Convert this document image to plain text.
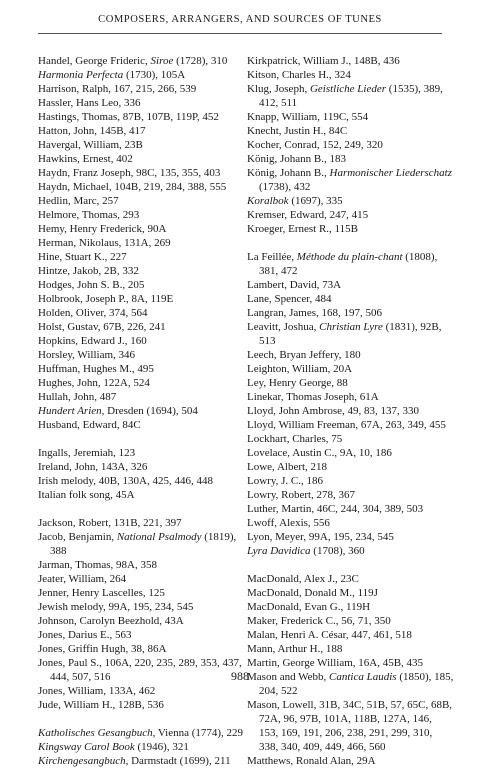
COMPOSERS, ARRANGERS, AND SOURCES OF TUNES
Handel, George Frideric, Siroe (1728), 310
Harmonia Perfecta (1730), 105A
Harrison, Ralph, 167, 215, 266, 539
Hassler, Hans Leo, 336
Hastings, Thomas, 87B, 107B, 119P, 452
Hatton, John, 145B, 417
Havergal, William, 23B
Hawkins, Ernest, 402
Haydn, Franz Joseph, 98C, 135, 355, 403
Haydn, Michael, 104B, 219, 284, 388, 555
Hedlin, Marc, 257
Helmore, Thomas, 293
Hemy, Henry Frederick, 90A
Herman, Nikolaus, 131A, 269
Hine, Stuart K., 227
Hintze, Jakob, 2B, 332
Hodges, John S. B., 205
Holbrook, Joseph P., 8A, 119E
Holden, Oliver, 374, 564
Holst, Gustav, 67B, 226, 241
Hopkins, Edward J., 160
Horsley, William, 346
Huffman, Hughes M., 495
Hughes, John, 122A, 524
Hullah, John, 487
Hundert Arien, Dresden (1694), 504
Husband, Edward, 84C
Ingalls, Jeremiah, 123
Ireland, John, 143A, 326
Irish melody, 40B, 130A, 425, 446, 448
Italian folk song, 45A
Jackson, Robert, 131B, 221, 397
Jacob, Benjamin, National Psalmody (1819),
388
Jarman, Thomas, 98A, 358
Jeater, William, 264
Jenner, Henry Lascelles, 125
Jewish melody, 99A, 195, 234, 545
Johnson, Carolyn Beezhold, 43A
Jones, Darius E., 563
Jones, Griffin Hugh, 38, 86A
Jones, Paul S., 106A, 220, 235, 289, 353, 437,
444, 507, 516
Jones, William, 133A, 462
Jude, William H., 128B, 536
Katholisches Gesangbuch, Vienna (1774), 229
Kingsway Carol Book (1946), 321
Kirchengesangbuch, Darmstadt (1699), 211
Kirkpatrick, William J., 148B, 436
Kitson, Charles H., 324
Klug, Joseph, Geistliche Lieder (1535), 389,
412, 511
Knapp, William, 119C, 554
Knecht, Justin H., 84C
Kocher, Conrad, 152, 249, 320
König, Johann B., 183
König, Johann B., Harmonischer Liederschatz
(1738), 432
Koralbok (1697), 335
Kremser, Edward, 247, 415
Kroeger, Ernest R., 115B
La Feillée, Méthode du plain-chant (1808),
381, 472
Lambert, David, 73A
Lane, Spencer, 484
Langran, James, 168, 197, 506
Leavitt, Joshua, Christian Lyre (1831), 92B,
513
Leech, Bryan Jeffery, 180
Leighton, William, 20A
Ley, Henry George, 88
Linekar, Thomas Joseph, 61A
Lloyd, John Ambrose, 49, 83, 137, 330
Lloyd, William Freeman, 67A, 263, 349, 455
Lockhart, Charles, 75
Lovelace, Austin C., 9A, 10, 186
Lowe, Albert, 218
Lowry, J. C., 186
Lowry, Robert, 278, 367
Luther, Martin, 46C, 244, 304, 389, 503
Lwoff, Alexis, 556
Lyon, Meyer, 99A, 195, 234, 545
Lyra Davidica (1708), 360
MacDonald, Alex J., 23C
MacDonald, Donald M., 119J
MacDonald, Evan G., 119H
Maker, Frederick C., 56, 71, 350
Malan, Henri A. César, 447, 461, 518
Mann, Arthur H., 188
Martin, George William, 16A, 45B, 435
Mason and Webb, Cantica Laudis (1850), 185,
204, 522
Mason, Lowell, 31B, 34C, 51B, 57, 65C, 68B,
72A, 96, 97B, 101A, 118B, 127A, 146,
153, 169, 191, 206, 238, 291, 299, 310,
338, 340, 409, 449, 466, 560
Matthews, Ronald Alan, 29A
988
